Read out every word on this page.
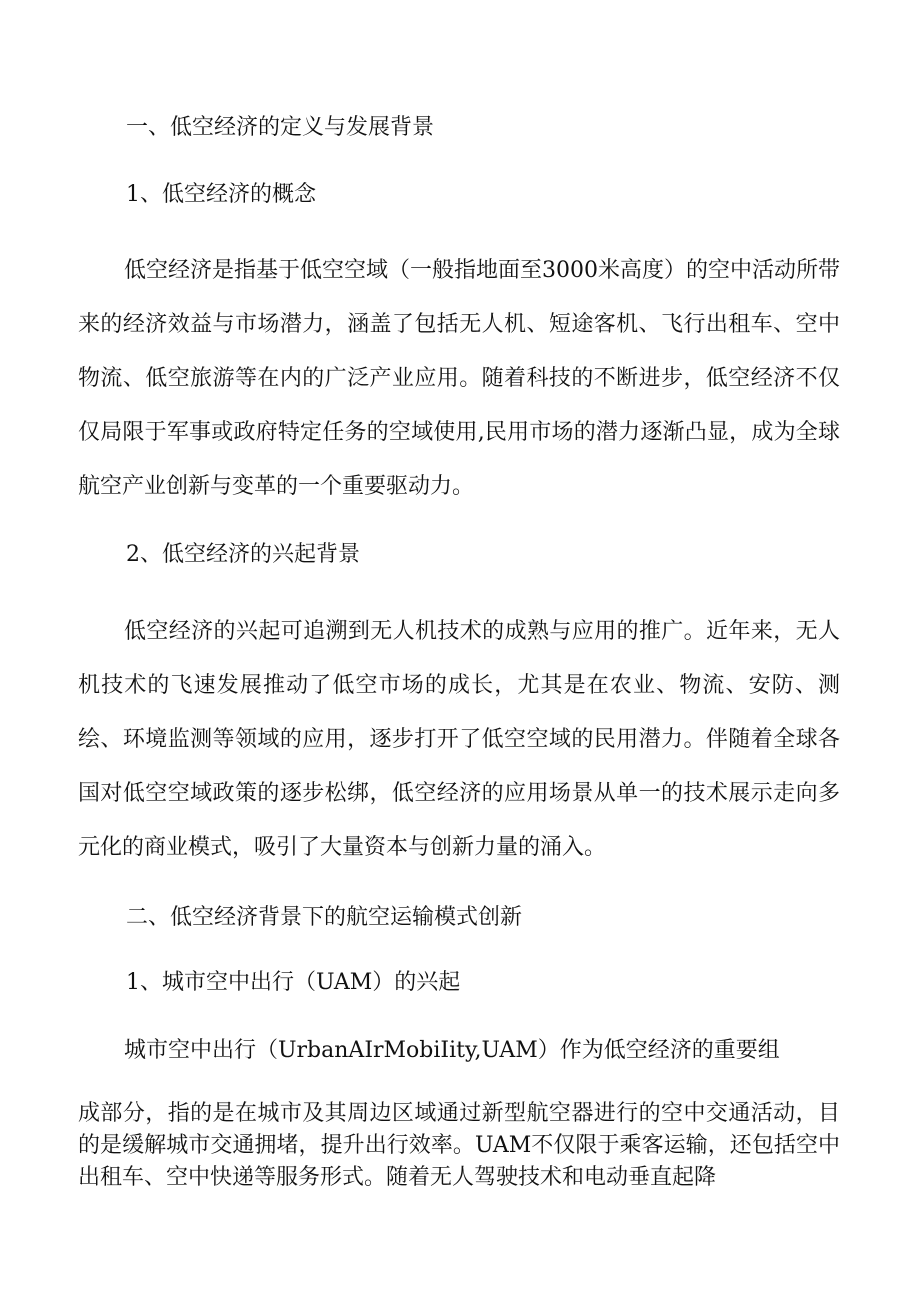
一、低空经济的定义与发展背景
1、低空经济的概念

低空经济是指基于低空空域（一般指地面至3000米高度）的空中活动所带来的经济效益与市场潜力，涵盖了包括无人机、短途客机、飞行出租车、空中物流、低空旅游等在内的广泛产业应用。随着科技的不断进步，低空经济不仅仅局限于军事或政府特定任务的空域使用,民用市场的潜力逐渐凸显，成为全球航空产业创新与变革的一个重要驱动力。

2、低空经济的兴起背景

低空经济的兴起可追溯到无人机技术的成熟与应用的推广。近年来，无人机技术的飞速发展推动了低空市场的成长，尤其是在农业、物流、安防、测绘、环境监测等领域的应用，逐步打开了低空空域的民用潜力。伴随着全球各国对低空空域政策的逐步松绑，低空经济的应用场景从单一的技术展示走向多元化的商业模式，吸引了大量资本与创新力量的涌入。

二、低空经济背景下的航空运输模式创新
1、城市空中出行（UAM）的兴起

城市空中出行（UrbanAIrMobiIity,UAM）作为低空经济的重要组

成部分，指的是在城市及其周边区域通过新型航空器进行的空中交通活动，目的是缓解城市交通拥堵，提升出行效率。UAM不仅限于乘客运输，还包括空中出租车、空中快递等服务形式。随着无人驾驶技术和电动垂直起降
